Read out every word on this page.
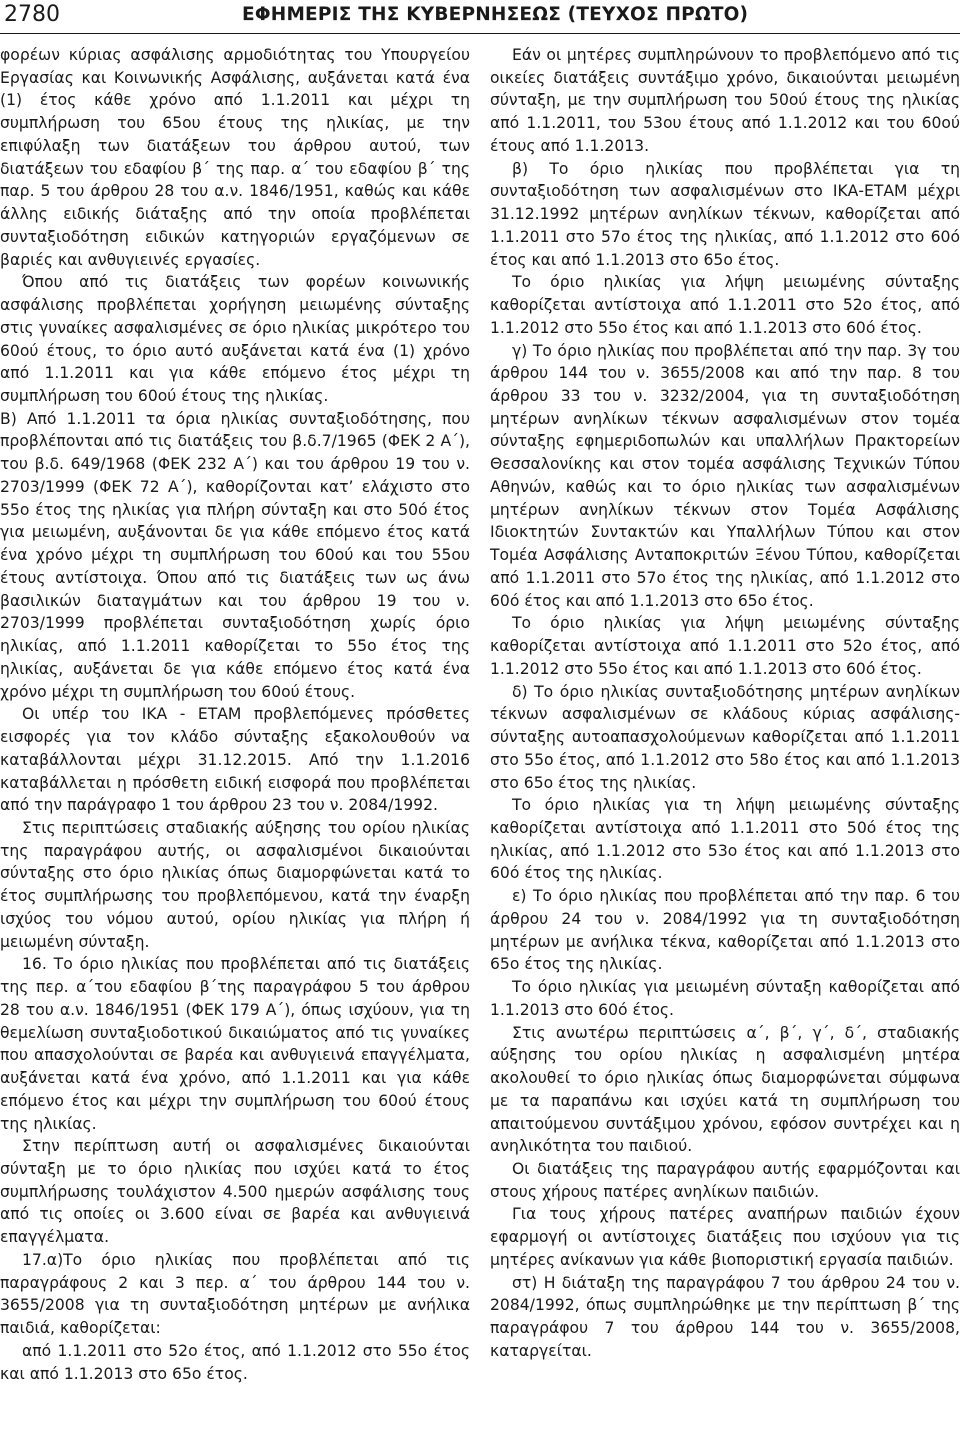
2780	ΕΦΗΜΕΡΙΣ ΤΗΣ ΚΥΒΕΡΝΗΣΕΩΣ (ΤΕΥΧΟΣ ΠΡΩΤΟ)

φορέων κύριας ασφάλισης αρμοδιότητας του Υπουργείου Εργασίας και Κοινωνικής Ασφάλισης, αυξάνεται κατά ένα (1) έτος κάθε χρόνο από 1.1.2011 και μέχρι τη συμπλήρωση του 65ου έτους της ηλικίας, με την επιφύλαξη των διατάξεων του άρθρου αυτού, των διατάξεων του εδαφίου β΄ της παρ. α΄ του εδαφίου β΄ της παρ. 5 του άρθρου 28 του α.ν. 1846/1951, καθώς και κάθε άλλης ειδικής διάταξης από την οποία προβλέπεται συνταξιοδότηση ειδικών κατηγοριών εργαζόμενων σε βαριές και ανθυγιεινές εργασίες.

Όπου από τις διατάξεις των φορέων κοινωνικής ασφάλισης προβλέπεται χορήγηση μειωμένης σύνταξης στις γυναίκες ασφαλισμένες σε όριο ηλικίας μικρότερο του 60ού έτους, το όριο αυτό αυξάνεται κατά ένα (1) χρόνο από 1.1.2011 και για κάθε επόμενο έτος μέχρι τη συμπλήρωση του 60ού έτους της ηλικίας.

Β) Από 1.1.2011 τα όρια ηλικίας συνταξιοδότησης, που προβλέπονται από τις διατάξεις του β.δ.7/1965 (ΦΕΚ 2 Α΄), του β.δ. 649/1968 (ΦΕΚ 232 Α΄) και του άρθρου 19 του ν. 2703/1999 (ΦΕΚ 72 Α΄), καθορίζονται κατ’ ελάχιστο στο 55ο έτος της ηλικίας για πλήρη σύνταξη και στο 50ό έτος για μειωμένη, αυξάνονται δε για κάθε επόμενο έτος κατά ένα χρόνο μέχρι τη συμπλήρωση του 60ού και του 55ου έτους αντίστοιχα. Όπου από τις διατάξεις των ως άνω βασιλικών διαταγμάτων και του άρθρου 19 του ν. 2703/1999 προβλέπεται συνταξιοδότηση χωρίς όριο ηλικίας, από 1.1.2011 καθορίζεται το 55ο έτος της ηλικίας, αυξάνεται δε για κάθε επόμενο έτος κατά ένα χρόνο μέχρι τη συμπλήρωση του 60ού έτους.

Οι υπέρ του ΙΚΑ - ΕΤΑΜ προβλεπόμενες πρόσθετες εισφορές για τον κλάδο σύνταξης εξακολουθούν να καταβάλλονται μέχρι 31.12.2015. Από την 1.1.2016 καταβάλλεται η πρόσθετη ειδική εισφορά που προβλέπεται από την παράγραφο 1 του άρθρου 23 του ν. 2084/1992.

Στις περιπτώσεις σταδιακής αύξησης του ορίου ηλικίας της παραγράφου αυτής, οι ασφαλισμένοι δικαιούνται σύνταξης στο όριο ηλικίας όπως διαμορφώνεται κατά το έτος συμπλήρωσης του προβλεπόμενου, κατά την έναρξη ισχύος του νόμου αυτού, ορίου ηλικίας για πλήρη ή μειωμένη σύνταξη.

16. Το όριο ηλικίας που προβλέπεται από τις διατάξεις της περ. α΄του εδαφίου β΄της παραγράφου 5 του άρθρου 28 του α.ν. 1846/1951 (ΦΕΚ 179 Α΄), όπως ισχύουν, για τη θεμελίωση συνταξιοδοτικού δικαιώματος από τις γυναίκες που απασχολούνται σε βαρέα και ανθυγιεινά επαγγέλματα, αυξάνεται κατά ένα χρόνο, από 1.1.2011 και για κάθε επόμενο έτος και μέχρι την συμπλήρωση του 60ού έτους της ηλικίας.

Στην περίπτωση αυτή οι ασφαλισμένες δικαιούνται σύνταξη με το όριο ηλικίας που ισχύει κατά το έτος συμπλήρωσης τουλάχιστον 4.500 ημερών ασφάλισης τους από τις οποίες οι 3.600 είναι σε βαρέα και ανθυγιεινά επαγγέλματα.

17.α)Το όριο ηλικίας που προβλέπεται από τις παραγράφους 2 και 3 περ. α΄ του άρθρου 144 του ν. 3655/2008 για τη συνταξιοδότηση μητέρων με ανήλικα παιδιά, καθορίζεται:

από 1.1.2011 στο 52ο έτος, από 1.1.2012 στο 55ο έτος και από 1.1.2013 στο 65ο έτος.

Εάν οι μητέρες συμπληρώνουν το προβλεπόμενο από τις οικείες διατάξεις συντάξιμο χρόνο, δικαιούνται μειωμένη σύνταξη, με την συμπλήρωση του 50ού έτους της ηλικίας από 1.1.2011, του 53ου έτους από 1.1.2012 και του 60ού έτους από 1.1.2013.

β) Το όριο ηλικίας που προβλέπεται για τη συνταξιοδότηση των ασφαλισμένων στο ΙΚΑ-ΕΤΑΜ μέχρι 31.12.1992 μητέρων ανηλίκων τέκνων, καθορίζεται από 1.1.2011 στο 57ο έτος της ηλικίας, από 1.1.2012 στο 60ό έτος και από 1.1.2013 στο 65ο έτος.

Το όριο ηλικίας για λήψη μειωμένης σύνταξης καθορίζεται αντίστοιχα από 1.1.2011 στο 52ο έτος, από 1.1.2012 στο 55ο έτος και από 1.1.2013 στο 60ό έτος.

γ) Το όριο ηλικίας που προβλέπεται από την παρ. 3γ του άρθρου 144 του ν. 3655/2008 και από την παρ. 8 του άρθρου 33 του ν. 3232/2004, για τη συνταξιοδότηση μητέρων ανηλίκων τέκνων ασφαλισμένων στον τομέα σύνταξης εφημεριδοπωλών και υπαλλήλων Πρακτορείων Θεσσαλονίκης και στον τομέα ασφάλισης Τεχνικών Τύπου Αθηνών, καθώς και το όριο ηλικίας των ασφαλισμένων μητέρων ανηλίκων τέκνων στον Τομέα Ασφάλισης Ιδιοκτητών Συντακτών και Υπαλλήλων Τύπου και στον Τομέα Ασφάλισης Ανταποκριτών Ξένου Τύπου, καθορίζεται από 1.1.2011 στο 57ο έτος της ηλικίας, από 1.1.2012 στο 60ό έτος και από 1.1.2013 στο 65ο έτος.

Το όριο ηλικίας για λήψη μειωμένης σύνταξης καθορίζεται αντίστοιχα από 1.1.2011 στο 52ο έτος, από 1.1.2012 στο 55ο έτος και από 1.1.2013 στο 60ό έτος.

δ) Το όριο ηλικίας συνταξιοδότησης μητέρων ανηλίκων τέκνων ασφαλισμένων σε κλάδους κύριας ασφάλισης- σύνταξης αυτοαπασχολούμενων καθορίζεται από 1.1.2011 στο 55ο έτος, από 1.1.2012 στο 58ο έτος και από 1.1.2013 στο 65ο έτος της ηλικίας.

Το όριο ηλικίας για τη λήψη μειωμένης σύνταξης καθορίζεται αντίστοιχα από 1.1.2011 στο 50ό έτος της ηλικίας, από 1.1.2012 στο 53ο έτος και από 1.1.2013 στο 60ό έτος της ηλικίας.

ε) Το όριο ηλικίας που προβλέπεται από την παρ. 6 του άρθρου 24 του ν. 2084/1992 για τη συνταξιοδότηση μητέρων με ανήλικα τέκνα, καθορίζεται από 1.1.2013 στο 65ο έτος της ηλικίας.

Το όριο ηλικίας για μειωμένη σύνταξη καθορίζεται από 1.1.2013 στο 60ό έτος.

Στις ανωτέρω περιπτώσεις α΄, β΄, γ΄, δ΄, σταδιακής αύξησης του ορίου ηλικίας η ασφαλισμένη μητέρα ακολουθεί το όριο ηλικίας όπως διαμορφώνεται σύμφωνα με τα παραπάνω και ισχύει κατά τη συμπλήρωση του απαιτούμενου συντάξιμου χρόνου, εφόσον συντρέχει και η ανηλικότητα του παιδιού.

Οι διατάξεις της παραγράφου αυτής εφαρμόζονται και στους χήρους πατέρες ανηλίκων παιδιών.

Για τους χήρους πατέρες αναπήρων παιδιών έχουν εφαρμογή οι αντίστοιχες διατάξεις που ισχύουν για τις μητέρες ανίκανων για κάθε βιοποριστική εργασία παιδιών.

στ) Η διάταξη της παραγράφου 7 του άρθρου 24 του ν. 2084/1992, όπως συμπληρώθηκε με την περίπτωση β΄ της παραγράφου 7 του άρθρου 144 του ν. 3655/2008, καταργείται.
